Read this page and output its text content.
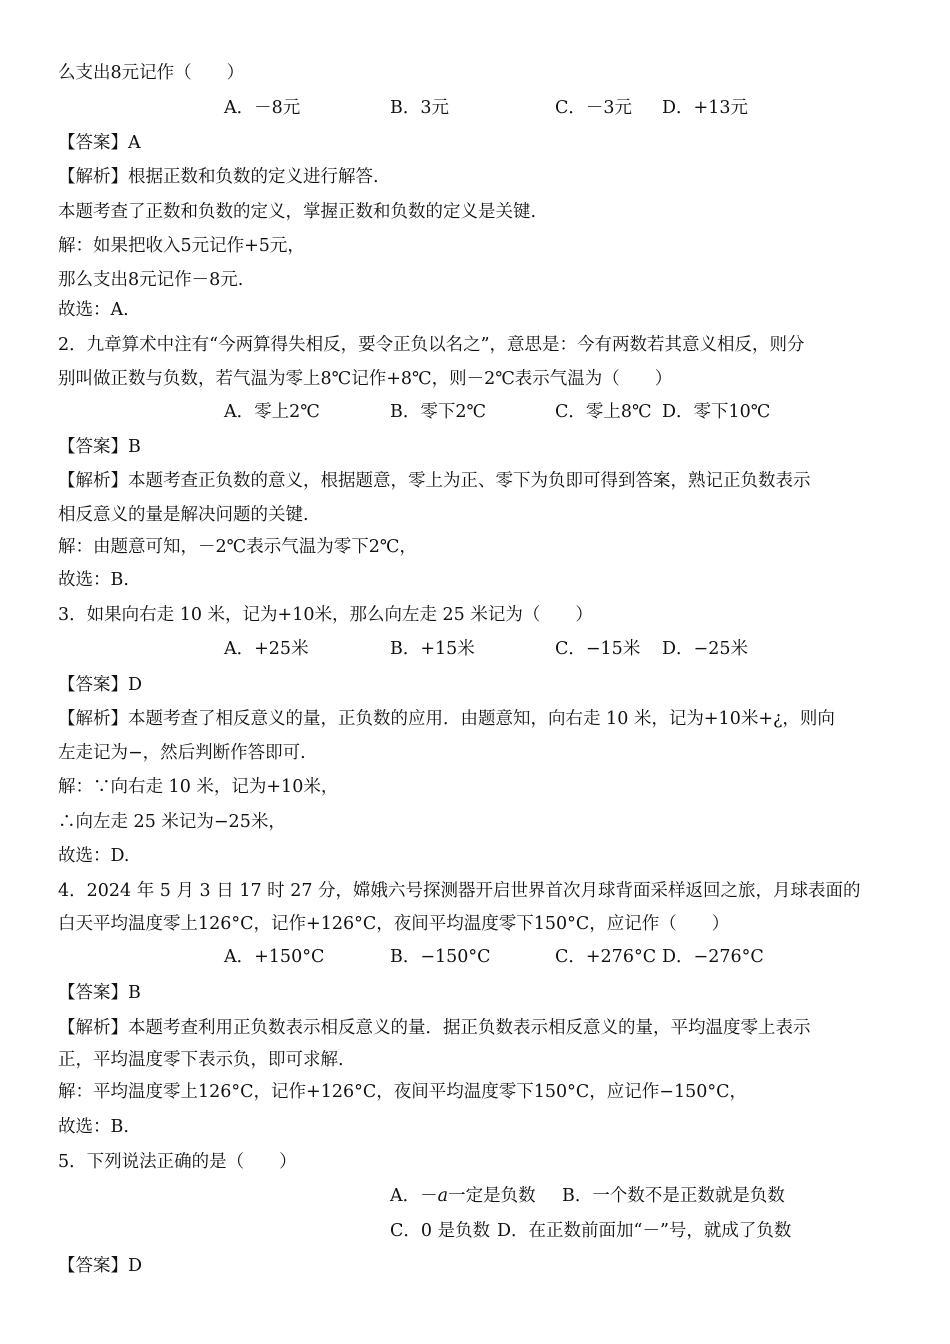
么支出8元记作（　　）
A．－8元	B．3元	C．－3元 D．+13元
【答案】A
【解析】根据正数和负数的定义进行解答.
本题考查了正数和负数的定义，掌握正数和负数的定义是关键.
解：如果把收入5元记作+5元，
那么支出8元记作－8元.
故选：A.
2．九章算术中注有“今两算得失相反，要令正负以名之”，意思是：今有两数若其意义相反，则分
别叫做正数与负数，若气温为零上8℃记作+8℃，则－2℃表示气温为（　　）
A．零上2℃	B．零下2℃	C．零上8℃ D．零下10℃
【答案】B
【解析】本题考查正负数的意义，根据题意，零上为正、零下为负即可得到答案，熟记正负数表示
相反意义的量是解决问题的关键.
解：由题意可知，－2℃表示气温为零下2℃，
故选：B.
3．如果向右走 10 米，记为+10米，那么向左走 25 米记为（　　）
A．+25米	B．+15米	C．−15米 D．−25米
【答案】D
【解析】本题考查了相反意义的量，正负数的应用．由题意知，向右走 10 米，记为+10米+¿，则向
左走记为−，然后判断作答即可.
解：∵向右走 10 米，记为+10米，
∴向左走 25 米记为−25米，
故选：D.
4．2024 年 5 月 3 日 17 时 27 分，嫦娥六号探测器开启世界首次月球背面采样返回之旅，月球表面的
白天平均温度零上126°C，记作+126°C，夜间平均温度零下150°C，应记作（　　）
A．+150°C	B．−150°C	C．+276°C D．−276°C
【答案】B
【解析】本题考查利用正负数表示相反意义的量．据正负数表示相反意义的量，平均温度零上表示
正，平均温度零下表示负，即可求解.
解：平均温度零上126°C，记作+126°C，夜间平均温度零下150°C，应记作−150°C，
故选：B.
5．下列说法正确的是（　　）
A．－a一定是负数 B．一个数不是正数就是负数
C．0 是负数 D．在正数前面加“－”号，就成了负数
【答案】D
